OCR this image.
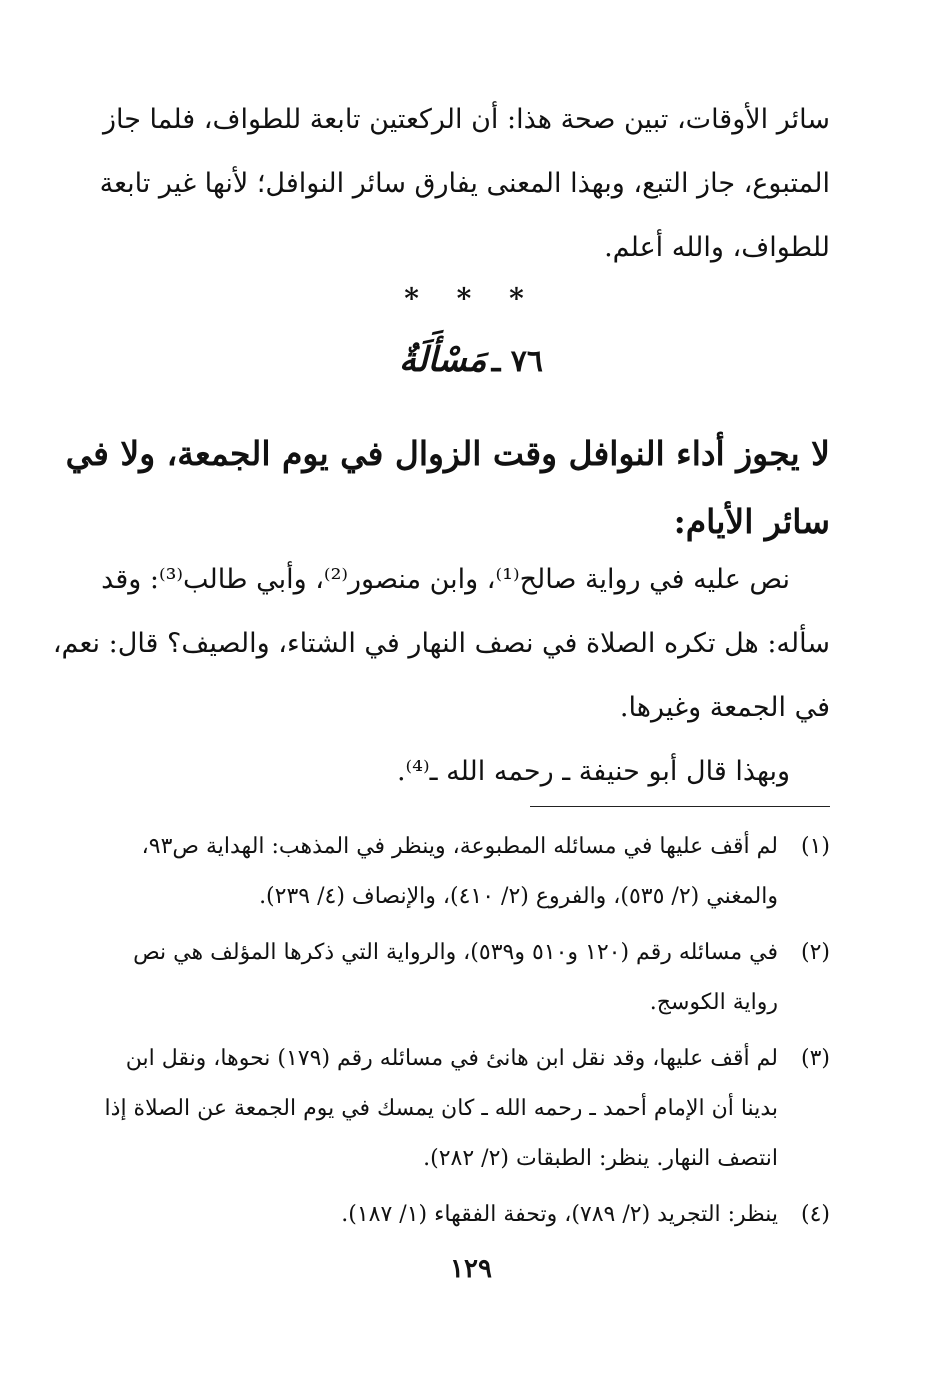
سائر الأوقات، تبين صحة هذا: أن الركعتين تابعة للطواف، فلما جاز
المتبوع، جاز التبع، وبهذا المعنى يفارق سائر النوافل؛ لأنها غير تابعة
للطواف، والله أعلم.

* * *
٧٦ ـ مَسْأَلَةٌ

لا يجوز أداء النوافل وقت الزوال في يوم الجمعة، ولا في
سائر الأيام:

نص عليه في رواية صالح⁽¹⁾، وابن منصور⁽²⁾، وأبي طالب⁽³⁾: وقد
سأله: هل تكره الصلاة في نصف النهار في الشتاء، والصيف؟ قال: نعم،
في الجمعة وغيرها.
وبهذا قال أبو حنيفة ـ رحمه الله ـ⁽⁴⁾.

(١)
لم أقف عليها في مسائله المطبوعة، وينظر في المذهب: الهداية ص٩٣،
والمغني (٢/ ٥٣٥)، والفروع (٢/ ٤١٠)، والإنصاف (٤/ ٢٣٩).
(٢)
في مسائله رقم (١٢٠ و٥١٠ و٥٣٩)، والرواية التي ذكرها المؤلف هي نص
رواية الكوسج.
(٣)
لم أقف عليها، وقد نقل ابن هانئ في مسائله رقم (١٧٩) نحوها، ونقل ابن
بدينا أن الإمام أحمد ـ رحمه الله ـ كان يمسك في يوم الجمعة عن الصلاة إذا
انتصف النهار. ينظر: الطبقات (٢/ ٢٨٢).
(٤)
ينظر: التجريد (٢/ ٧٨٩)، وتحفة الفقهاء (١/ ١٨٧).
١٢٩
